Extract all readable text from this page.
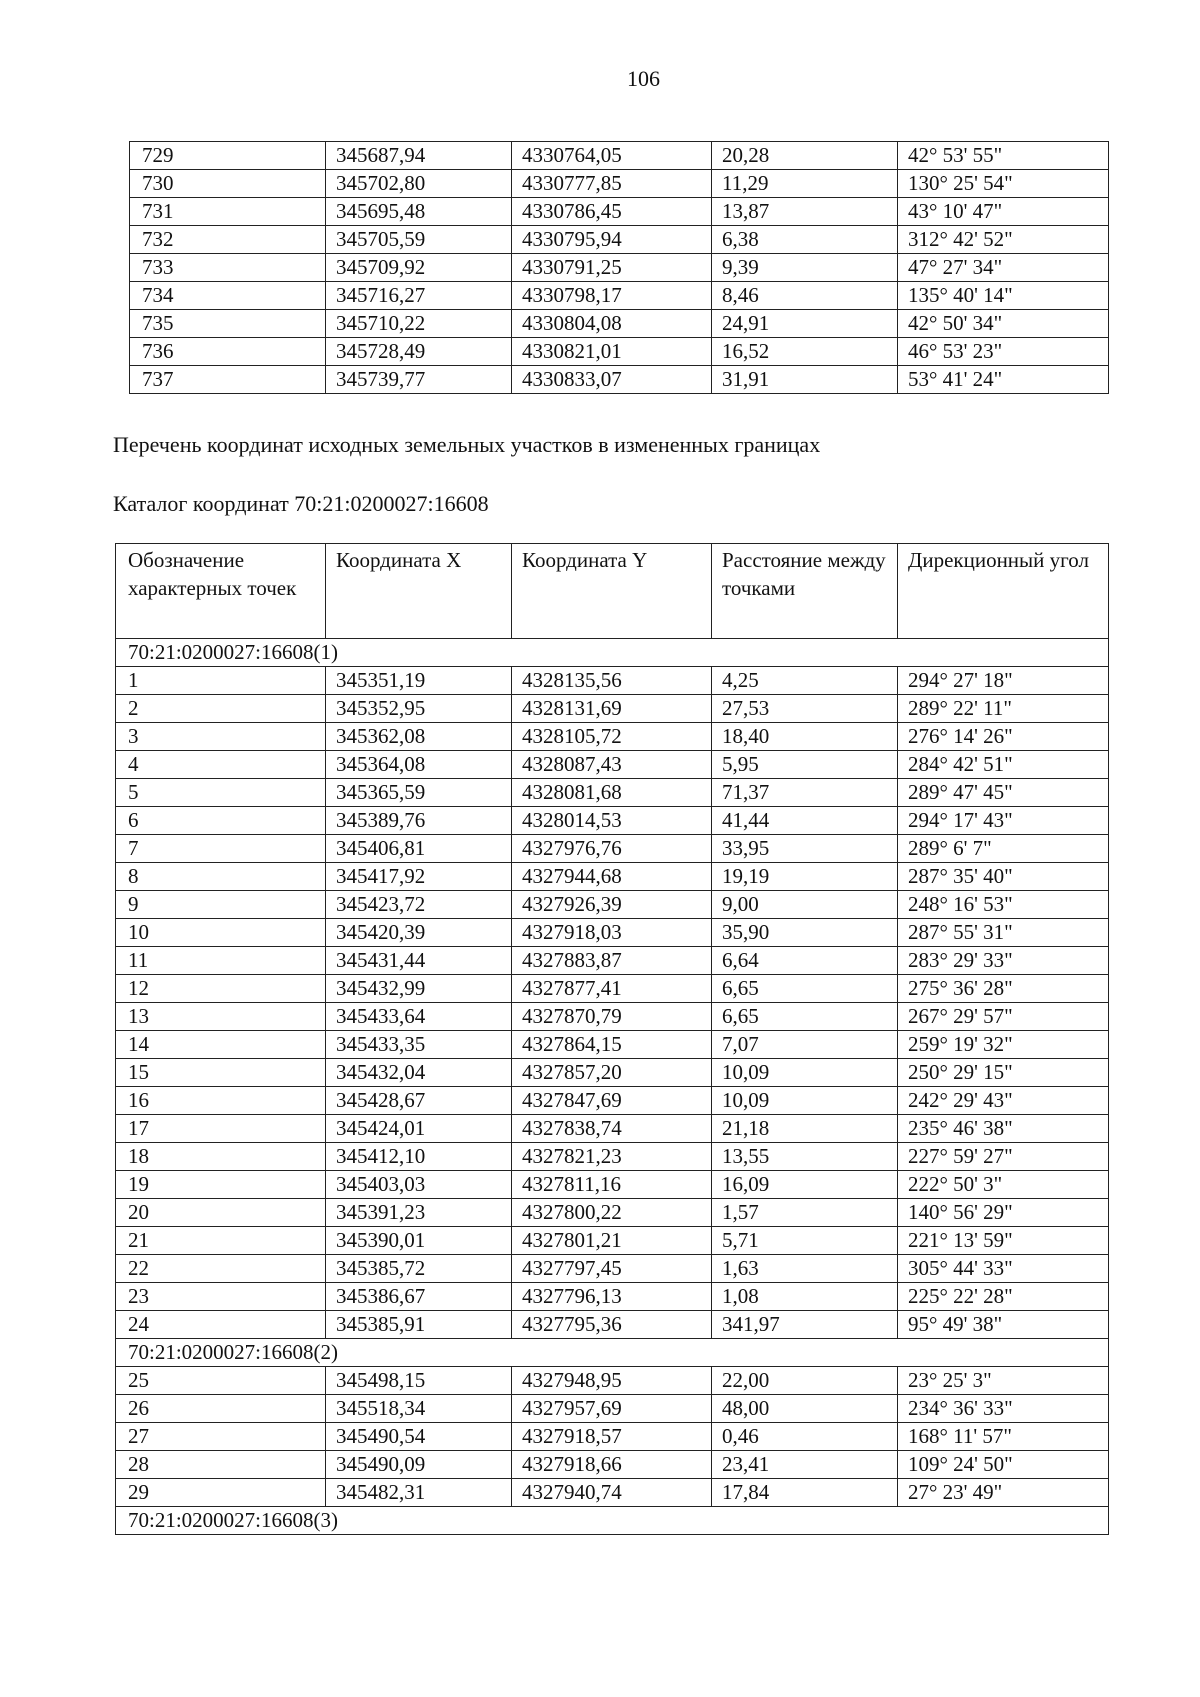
106
729	345687,94	4330764,05	20,28	42° 53' 55"
730	345702,80	4330777,85	11,29	130° 25' 54"
731	345695,48	4330786,45	13,87	43° 10' 47"
732	345705,59	4330795,94	6,38	312° 42' 52"
733	345709,92	4330791,25	9,39	47° 27' 34"
734	345716,27	4330798,17	8,46	135° 40' 14"
735	345710,22	4330804,08	24,91	42° 50' 34"
736	345728,49	4330821,01	16,52	46° 53' 23"
737	345739,77	4330833,07	31,91	53° 41' 24"
Перечень координат исходных земельных участков в измененных границах
Каталог координат 70:21:0200027:16608
Обозначение характерных точек	Координата X	Координата Y	Расстояние между точками	Дирекционный угол
70:21:0200027:16608(1)				
1	345351,19	4328135,56	4,25	294° 27' 18"
2	345352,95	4328131,69	27,53	289° 22' 11"
3	345362,08	4328105,72	18,40	276° 14' 26"
4	345364,08	4328087,43	5,95	284° 42' 51"
5	345365,59	4328081,68	71,37	289° 47' 45"
6	345389,76	4328014,53	41,44	294° 17' 43"
7	345406,81	4327976,76	33,95	289° 6' 7"
8	345417,92	4327944,68	19,19	287° 35' 40"
9	345423,72	4327926,39	9,00	248° 16' 53"
10	345420,39	4327918,03	35,90	287° 55' 31"
11	345431,44	4327883,87	6,64	283° 29' 33"
12	345432,99	4327877,41	6,65	275° 36' 28"
13	345433,64	4327870,79	6,65	267° 29' 57"
14	345433,35	4327864,15	7,07	259° 19' 32"
15	345432,04	4327857,20	10,09	250° 29' 15"
16	345428,67	4327847,69	10,09	242° 29' 43"
17	345424,01	4327838,74	21,18	235° 46' 38"
18	345412,10	4327821,23	13,55	227° 59' 27"
19	345403,03	4327811,16	16,09	222° 50' 3"
20	345391,23	4327800,22	1,57	140° 56' 29"
21	345390,01	4327801,21	5,71	221° 13' 59"
22	345385,72	4327797,45	1,63	305° 44' 33"
23	345386,67	4327796,13	1,08	225° 22' 28"
24	345385,91	4327795,36	341,97	95° 49' 38"
70:21:0200027:16608(2)				
25	345498,15	4327948,95	22,00	23° 25' 3"
26	345518,34	4327957,69	48,00	234° 36' 33"
27	345490,54	4327918,57	0,46	168° 11' 57"
28	345490,09	4327918,66	23,41	109° 24' 50"
29	345482,31	4327940,74	17,84	27° 23' 49"
70:21:0200027:16608(3)				
